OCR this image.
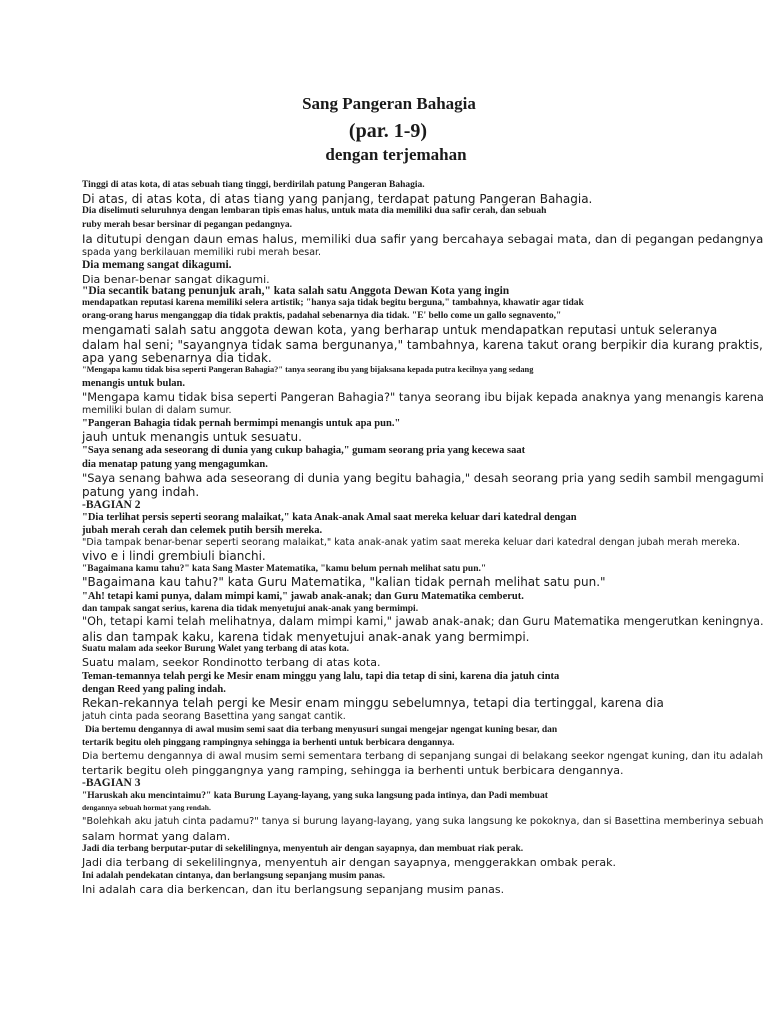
Sang Pangeran Bahagia
(par. 1-9)
dengan terjemahan
Tinggi di atas kota, di atas sebuah tiang tinggi, berdirilah patung Pangeran Bahagia.
Di atas, di atas kota, di atas tiang yang panjang, terdapat patung Pangeran Bahagia.
Dia diselimuti seluruhnya dengan lembaran tipis emas halus, untuk mata dia memiliki dua safir cerah, dan sebuah
ruby merah besar bersinar di pegangan pedangnya.
Ia ditutupi dengan daun emas halus, memiliki dua safir yang bercahaya sebagai mata, dan di pegangan pedangnya
spada yang berkilauan memiliki rubi merah besar.
Dia memang sangat dikagumi.
Dia benar-benar sangat dikagumi.
"Dia secantik batang penunjuk arah," kata salah satu Anggota Dewan Kota yang ingin
mendapatkan reputasi karena memiliki selera artistik; "hanya saja tidak begitu berguna," tambahnya, khawatir agar tidak
orang-orang harus menganggap dia tidak praktis, padahal sebenarnya dia tidak. "E' bello come un gallo segnavento,"
mengamati salah satu anggota dewan kota, yang berharap untuk mendapatkan reputasi untuk seleranya
dalam hal seni; "sayangnya tidak sama bergunanya," tambahnya, karena takut orang berpikir dia kurang praktis,
apa yang sebenarnya dia tidak.
"Mengapa kamu tidak bisa seperti Pangeran Bahagia?" tanya seorang ibu yang bijaksana kepada putra kecilnya yang sedang
menangis untuk bulan.
"Mengapa kamu tidak bisa seperti Pangeran Bahagia?" tanya seorang ibu bijak kepada anaknya yang menangis karena
memiliki bulan di dalam sumur.
"Pangeran Bahagia tidak pernah bermimpi menangis untuk apa pun."
jauh untuk menangis untuk sesuatu.
"Saya senang ada seseorang di dunia yang cukup bahagia," gumam seorang pria yang kecewa saat
dia menatap patung yang mengagumkan.
"Saya senang bahwa ada seseorang di dunia yang begitu bahagia," desah seorang pria yang sedih sambil mengagumi
patung yang indah.
-BAGIAN 2
"Dia terlihat persis seperti seorang malaikat," kata Anak-anak Amal saat mereka keluar dari katedral dengan
jubah merah cerah dan celemek putih bersih mereka.
"Dia tampak benar-benar seperti seorang malaikat," kata anak-anak yatim saat mereka keluar dari katedral dengan jubah merah mereka.
vivo e i lindi grembiuli bianchi.
"Bagaimana kamu tahu?" kata Sang Master Matematika, "kamu belum pernah melihat satu pun."
"Bagaimana kau tahu?" kata Guru Matematika, "kalian tidak pernah melihat satu pun."
"Ah! tetapi kami punya, dalam mimpi kami," jawab anak-anak; dan Guru Matematika cemberut.
dan tampak sangat serius, karena dia tidak menyetujui anak-anak yang bermimpi.
"Oh, tetapi kami telah melihatnya, dalam mimpi kami," jawab anak-anak; dan Guru Matematika mengerutkan keningnya.
alis dan tampak kaku, karena tidak menyetujui anak-anak yang bermimpi.
Suatu malam ada seekor Burung Walet yang terbang di atas kota.
Suatu malam, seekor Rondinotto terbang di atas kota.
Teman-temannya telah pergi ke Mesir enam minggu yang lalu, tapi dia tetap di sini, karena dia jatuh cinta
dengan Reed yang paling indah.
Rekan-rekannya telah pergi ke Mesir enam minggu sebelumnya, tetapi dia tertinggal, karena dia
jatuh cinta pada seorang Basettina yang sangat cantik.
Dia bertemu dengannya di awal musim semi saat dia terbang menyusuri sungai mengejar ngengat kuning besar, dan
tertarik begitu oleh pinggang rampingnya sehingga ia berhenti untuk berbicara dengannya.
Dia bertemu dengannya di awal musim semi sementara terbang di sepanjang sungai di belakang seekor ngengat kuning, dan itu adalah
tertarik begitu oleh pinggangnya yang ramping, sehingga ia berhenti untuk berbicara dengannya.
-BAGIAN 3
"Haruskah aku mencintaimu?" kata Burung Layang-layang, yang suka langsung pada intinya, dan Padi membuat
dengannya sebuah hormat yang rendah.
"Bolehkah aku jatuh cinta padamu?" tanya si burung layang-layang, yang suka langsung ke pokoknya, dan si Basettina memberinya sebuah
salam hormat yang dalam.
Jadi dia terbang berputar-putar di sekelilingnya, menyentuh air dengan sayapnya, dan membuat riak perak.
Jadi dia terbang di sekelilingnya, menyentuh air dengan sayapnya, menggerakkan ombak perak.
Ini adalah pendekatan cintanya, dan berlangsung sepanjang musim panas.
Ini adalah cara dia berkencan, dan itu berlangsung sepanjang musim panas.
